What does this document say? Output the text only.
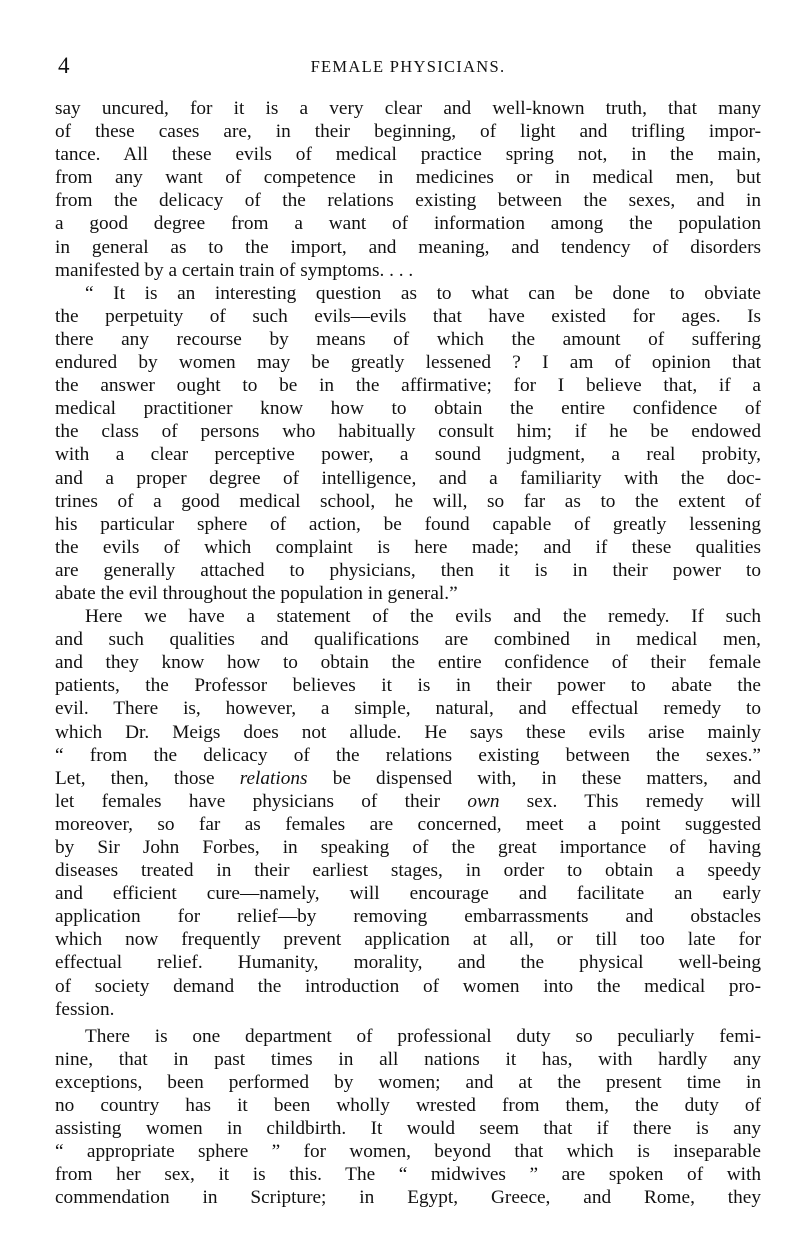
4	FEMALE PHYSICIANS.
say uncured, for it is a very clear and well-known truth, that many
of these cases are, in their beginning, of light and trifling impor-
tance. All these evils of medical practice spring not, in the main,
from any want of competence in medicines or in medical men, but
from the delicacy of the relations existing between the sexes, and in
a good degree from a want of information among the population
in general as to the import, and meaning, and tendency of disorders
manifested by a certain train of symptoms. . . .
“ It is an interesting question as to what can be done to obviate
the perpetuity of such evils—evils that have existed for ages. Is
there any recourse by means of which the amount of suffering
endured by women may be greatly lessened ? I am of opinion that
the answer ought to be in the affirmative; for I believe that, if a
medical practitioner know how to obtain the entire confidence of
the class of persons who habitually consult him; if he be endowed
with a clear perceptive power, a sound judgment, a real probity,
and a proper degree of intelligence, and a familiarity with the doc-
trines of a good medical school, he will, so far as to the extent of
his particular sphere of action, be found capable of greatly lessening
the evils of which complaint is here made; and if these qualities
are generally attached to physicians, then it is in their power to
abate the evil throughout the population in general.”
Here we have a statement of the evils and the remedy. If such
and such qualities and qualifications are combined in medical men,
and they know how to obtain the entire confidence of their female
patients, the Professor believes it is in their power to abate the
evil. There is, however, a simple, natural, and effectual remedy to
which Dr. Meigs does not allude. He says these evils arise mainly
“ from the delicacy of the relations existing between the sexes.”
Let, then, those relations be dispensed with, in these matters, and
let females have physicians of their own sex. This remedy will
moreover, so far as females are concerned, meet a point suggested
by Sir John Forbes, in speaking of the great importance of having
diseases treated in their earliest stages, in order to obtain a speedy
and efficient cure—namely, will encourage and facilitate an early
application for relief—by removing embarrassments and obstacles
which now frequently prevent application at all, or till too late for
effectual relief. Humanity, morality, and the physical well-being
of society demand the introduction of women into the medical pro-
fession.
There is one department of professional duty so peculiarly femi-
nine, that in past times in all nations it has, with hardly any
exceptions, been performed by women; and at the present time in
no country has it been wholly wrested from them, the duty of
assisting women in childbirth. It would seem that if there is any
“ appropriate sphere ” for women, beyond that which is inseparable
from her sex, it is this. The “ midwives ” are spoken of with
commendation in Scripture; in Egypt, Greece, and Rome, they
